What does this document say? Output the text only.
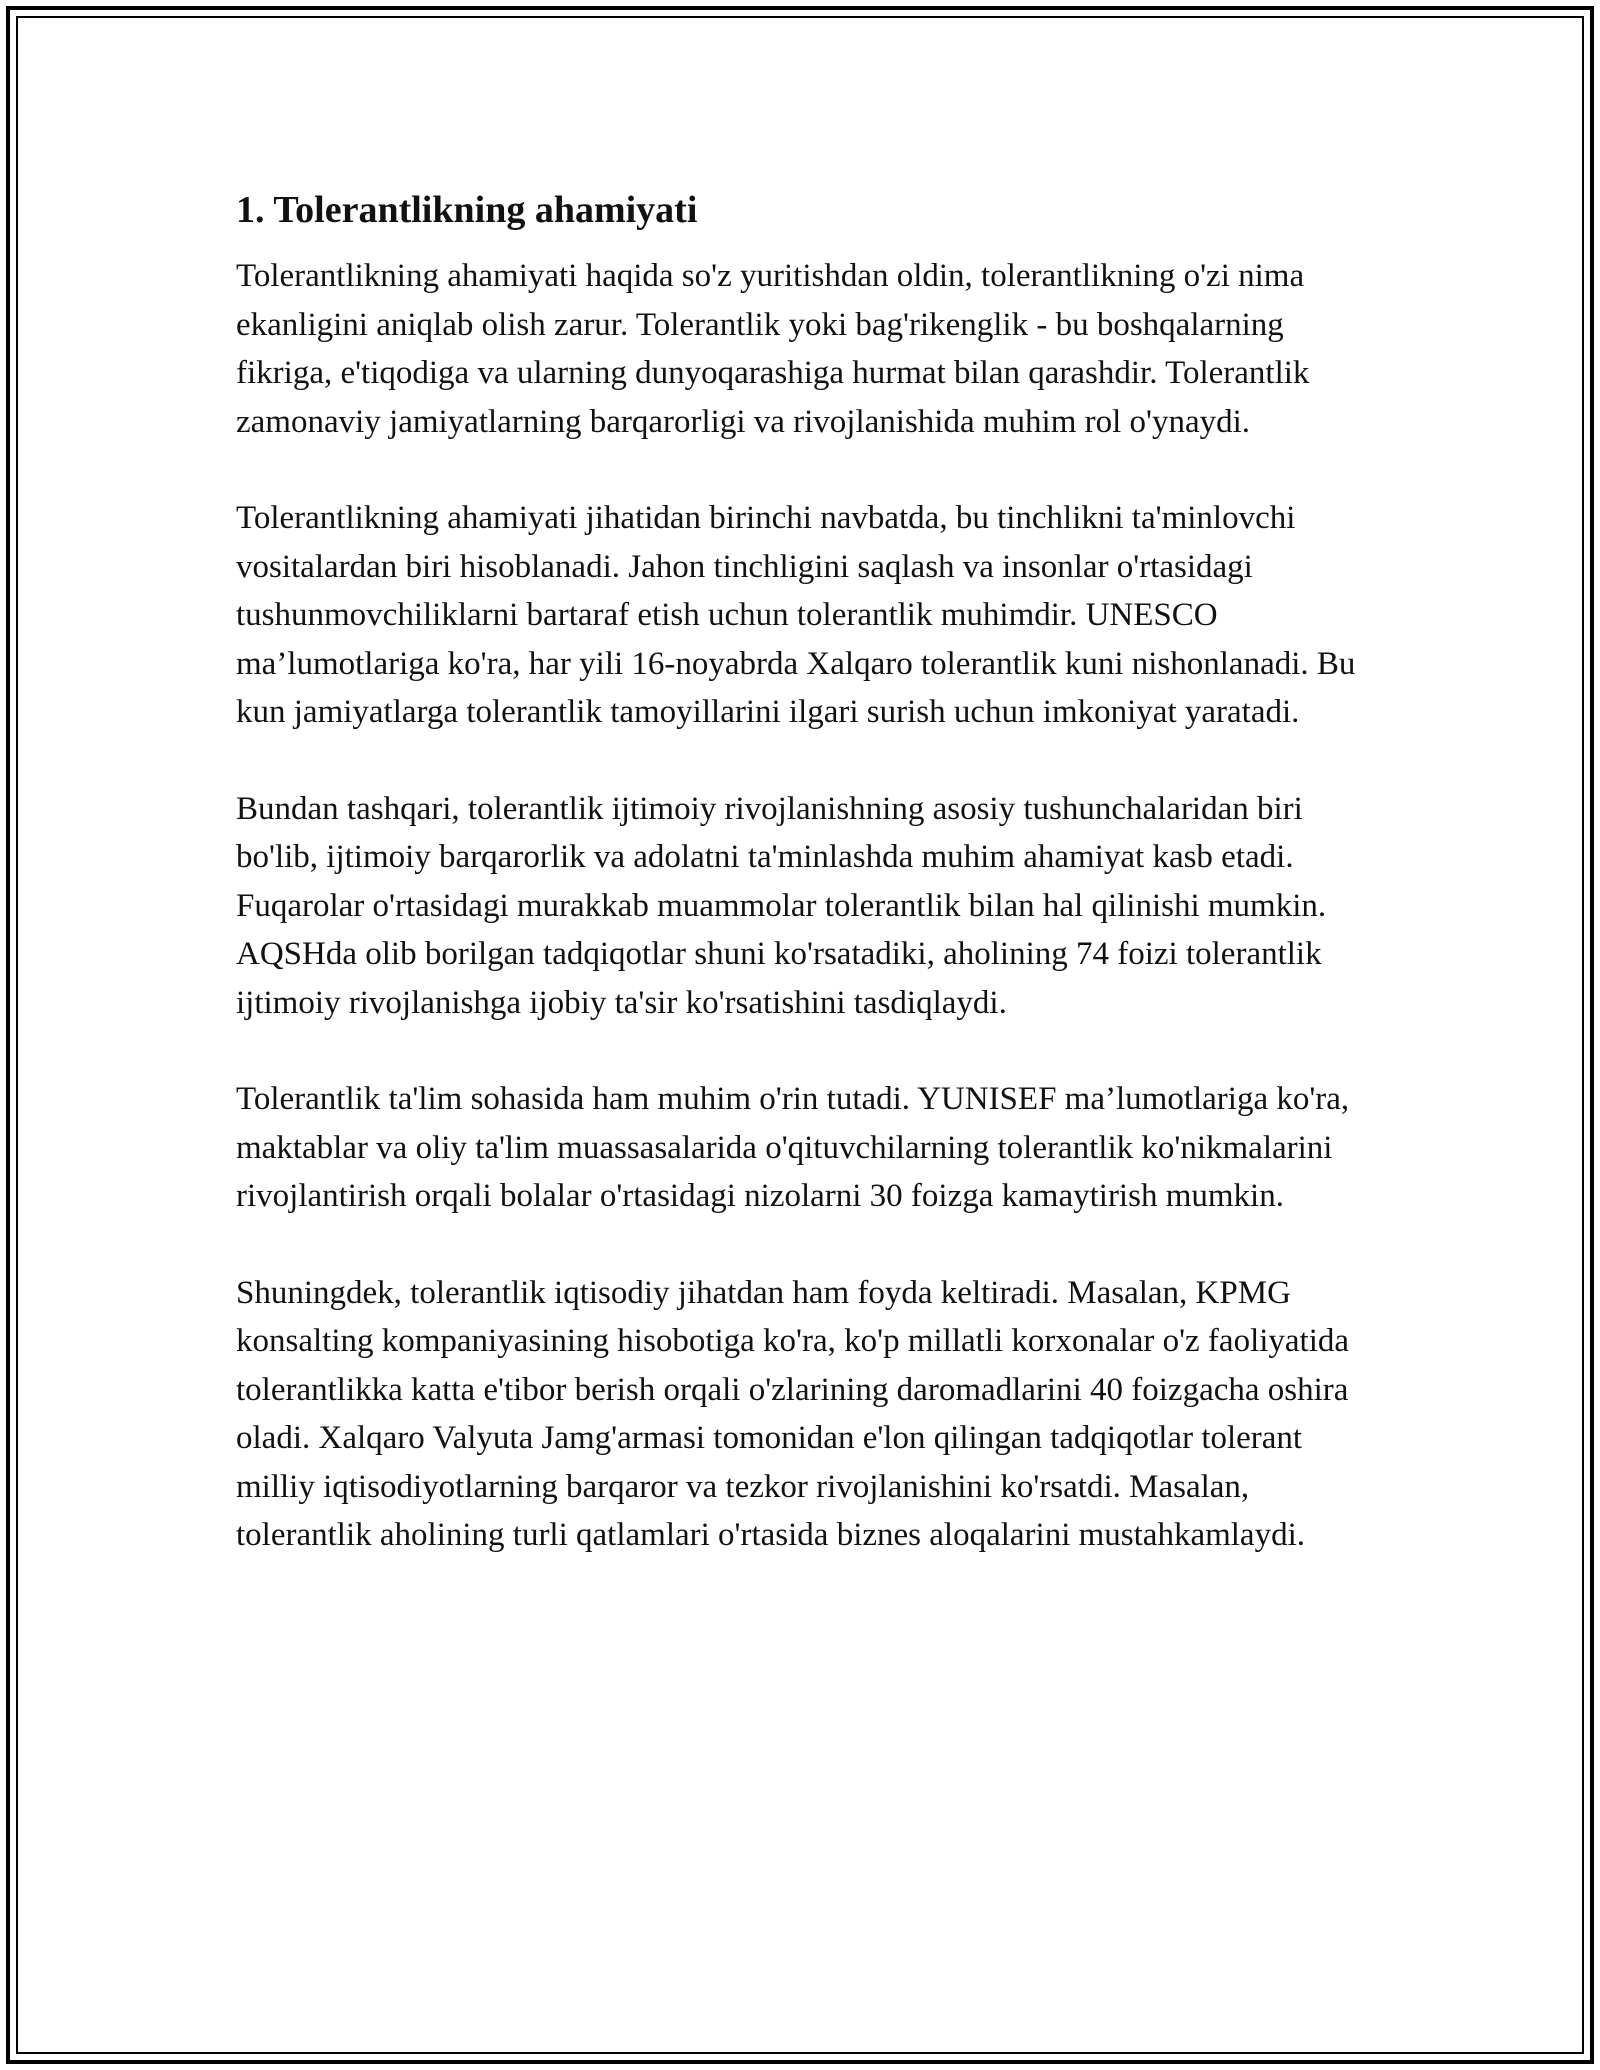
1. Tolerantlikning ahamiyati

Tolerantlikning ahamiyati haqida so'z yuritishdan oldin, tolerantlikning o'zi nima ekanligini aniqlab olish zarur. Tolerantlik yoki bag'rikenglik - bu boshqalarning fikriga, e'tiqodiga va ularning dunyoqarashiga hurmat bilan qarashdir. Tolerantlik zamonaviy jamiyatlarning barqarorligi va rivojlanishida muhim rol o'ynaydi.

Tolerantlikning ahamiyati jihatidan birinchi navbatda, bu tinchlikni ta'minlovchi vositalardan biri hisoblanadi. Jahon tinchligini saqlash va insonlar o'rtasidagi tushunmovchiliklarni bartaraf etish uchun tolerantlik muhimdir. UNESCO ma’lumotlariga ko'ra, har yili 16-noyabrda Xalqaro tolerantlik kuni nishonlanadi. Bu kun jamiyatlarga tolerantlik tamoyillarini ilgari surish uchun imkoniyat yaratadi.

Bundan tashqari, tolerantlik ijtimoiy rivojlanishning asosiy tushunchalaridan biri bo'lib, ijtimoiy barqarorlik va adolatni ta'minlashda muhim ahamiyat kasb etadi. Fuqarolar o'rtasidagi murakkab muammolar tolerantlik bilan hal qilinishi mumkin. AQSHda olib borilgan tadqiqotlar shuni ko'rsatadiki, aholining 74 foizi tolerantlik ijtimoiy rivojlanishga ijobiy ta'sir ko'rsatishini tasdiqlaydi.

Tolerantlik ta'lim sohasida ham muhim o'rin tutadi. YUNISEF ma’lumotlariga ko'ra, maktablar va oliy ta'lim muassasalarida o'qituvchilarning tolerantlik ko'nikmalarini rivojlantirish orqali bolalar o'rtasidagi nizolarni 30 foizga kamaytirish mumkin.

Shuningdek, tolerantlik iqtisodiy jihatdan ham foyda keltiradi. Masalan, KPMG konsalting kompaniyasining hisobotiga ko'ra, ko'p millatli korxonalar o'z faoliyatida tolerantlikka katta e'tibor berish orqali o'zlarining daromadlarini 40 foizgacha oshira oladi. Xalqaro Valyuta Jamg'armasi tomonidan e'lon qilingan tadqiqotlar tolerant milliy iqtisodiyotlarning barqaror va tezkor rivojlanishini ko'rsatdi. Masalan, tolerantlik aholining turli qatlamlari o'rtasida biznes aloqalarini mustahkamlaydi.
